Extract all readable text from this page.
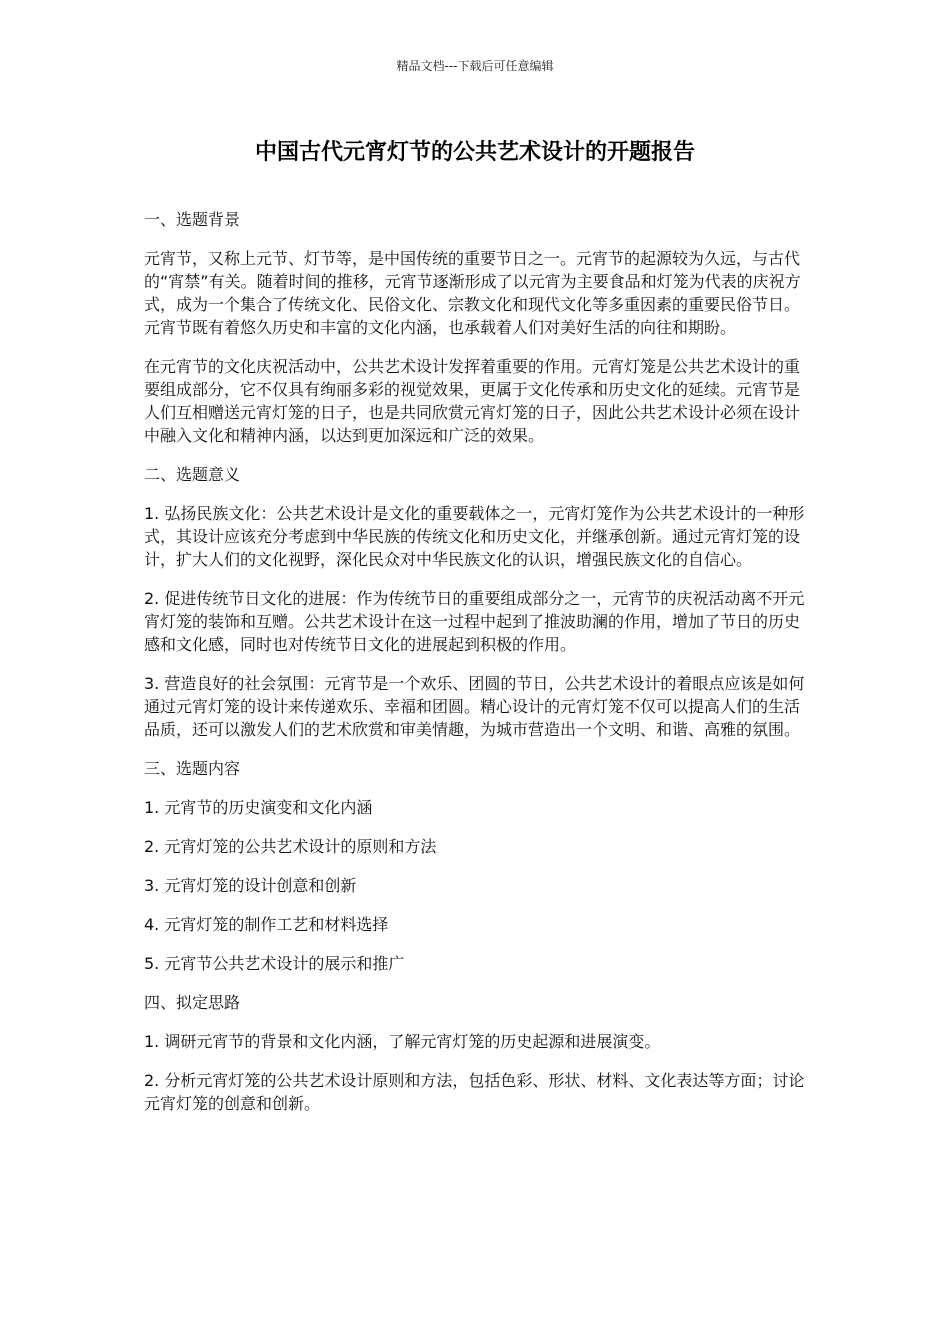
精品文档---下载后可任意编辑
中国古代元宵灯节的公共艺术设计的开题报告

一、选题背景

元宵节，又称上元节、灯节等，是中国传统的重要节日之一。元宵节的起源较为久远，与古代的“宵禁”有关。随着时间的推移，元宵节逐渐形成了以元宵为主要食品和灯笼为代表的庆祝方式，成为一个集合了传统文化、民俗文化、宗教文化和现代文化等多重因素的重要民俗节日。元宵节既有着悠久历史和丰富的文化内涵，也承载着人们对美好生活的向往和期盼。

在元宵节的文化庆祝活动中，公共艺术设计发挥着重要的作用。元宵灯笼是公共艺术设计的重要组成部分，它不仅具有绚丽多彩的视觉效果，更属于文化传承和历史文化的延续。元宵节是人们互相赠送元宵灯笼的日子，也是共同欣赏元宵灯笼的日子，因此公共艺术设计必须在设计中融入文化和精神内涵，以达到更加深远和广泛的效果。

二、选题意义

1. 弘扬民族文化：公共艺术设计是文化的重要载体之一，元宵灯笼作为公共艺术设计的一种形式，其设计应该充分考虑到中华民族的传统文化和历史文化，并继承创新。通过元宵灯笼的设计，扩大人们的文化视野，深化民众对中华民族文化的认识，增强民族文化的自信心。

2. 促进传统节日文化的进展：作为传统节日的重要组成部分之一，元宵节的庆祝活动离不开元宵灯笼的装饰和互赠。公共艺术设计在这一过程中起到了推波助澜的作用，增加了节日的历史感和文化感，同时也对传统节日文化的进展起到积极的作用。

3. 营造良好的社会氛围：元宵节是一个欢乐、团圆的节日，公共艺术设计的着眼点应该是如何通过元宵灯笼的设计来传递欢乐、幸福和团圆。精心设计的元宵灯笼不仅可以提高人们的生活品质，还可以激发人们的艺术欣赏和审美情趣，为城市营造出一个文明、和谐、高雅的氛围。

三、选题内容

1. 元宵节的历史演变和文化内涵

2. 元宵灯笼的公共艺术设计的原则和方法

3. 元宵灯笼的设计创意和创新

4. 元宵灯笼的制作工艺和材料选择

5. 元宵节公共艺术设计的展示和推广

四、拟定思路

1. 调研元宵节的背景和文化内涵，了解元宵灯笼的历史起源和进展演变。

2. 分析元宵灯笼的公共艺术设计原则和方法，包括色彩、形状、材料、文化表达等方面；讨论元宵灯笼的创意和创新。
